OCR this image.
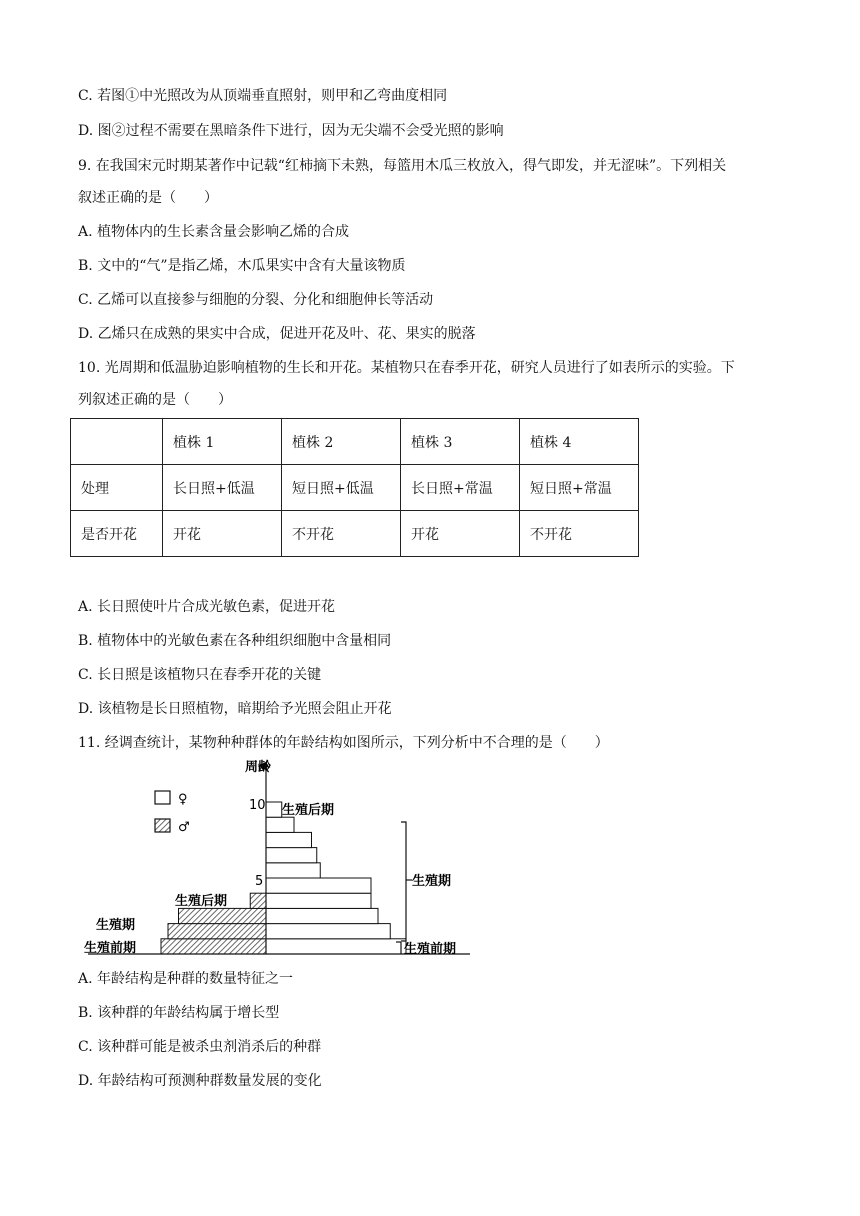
C. 若图①中光照改为从顶端垂直照射，则甲和乙弯曲度相同
D. 图②过程不需要在黑暗条件下进行，因为无尖端不会受光照的影响
9. 在我国宋元时期某著作中记载“红柿摘下未熟，每篮用木瓜三枚放入，得气即发，并无涩味”。下列相关
叙述正确的是（　　）
A. 植物体内的生长素含量会影响乙烯的合成
B. 文中的“气”是指乙烯，木瓜果实中含有大量该物质
C. 乙烯可以直接参与细胞的分裂、分化和细胞伸长等活动
D. 乙烯只在成熟的果实中合成，促进开花及叶、花、果实的脱落
10. 光周期和低温胁迫影响植物的生长和开花。某植物只在春季开花，研究人员进行了如表所示的实验。下
列叙述正确的是（　　）
	植株 1	植株 2	植株 3	植株 4
处理	长日照+低温	短日照+低温	长日照+常温	短日照+常温
是否开花	开花	不开花	开花	不开花
A. 长日照使叶片合成光敏色素，促进开花
B. 植物体中的光敏色素在各种组织细胞中含量相同
C. 长日照是该植物只在春季开花的关键
D. 该植物是长日照植物，暗期给予光照会阻止开花
11. 经调查统计，某物种种群体的年龄结构如图所示，下列分析中不合理的是（　　）
♀
♂
周龄
10
5
生殖后期
生殖期
生殖前期
生殖后期
生殖期
生殖前期
A. 年龄结构是种群的数量特征之一
B. 该种群的年龄结构属于增长型
C. 该种群可能是被杀虫剂消杀后的种群
D. 年龄结构可预测种群数量发展的变化
